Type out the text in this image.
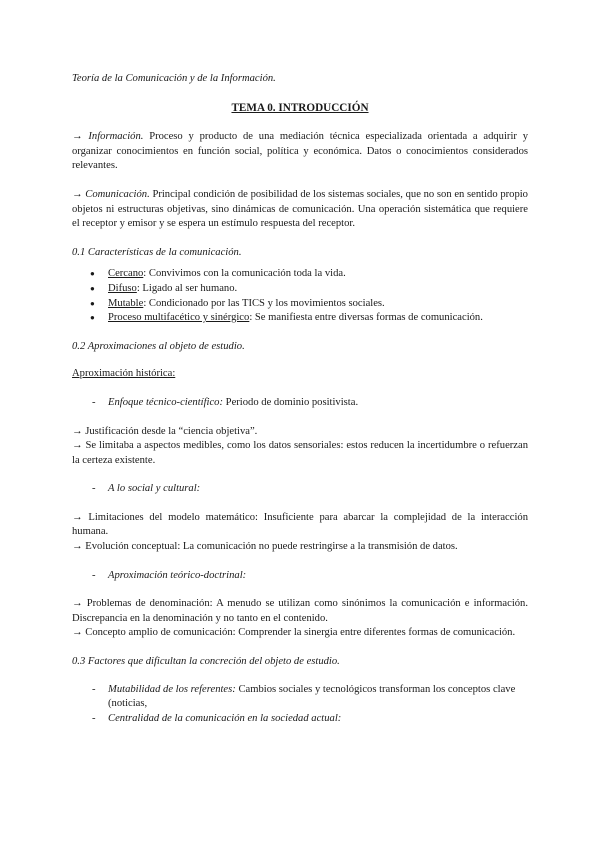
Teoría de la Comunicación y de la Información.

TEMA 0. INTRODUCCIÓN

→ Información. Proceso y producto de una mediación técnica especializada orientada a adquirir y organizar conocimientos en función social, política y económica. Datos o conocimientos considerados relevantes.

→ Comunicación. Principal condición de posibilidad de los sistemas sociales, que no son en sentido propio objetos ni estructuras objetivas, sino dinámicas de comunicación. Una operación sistemática que requiere el receptor y emisor y se espera un estímulo respuesta del receptor.

0.1 Características de la comunicación.

● Cercano: Convivimos con la comunicación toda la vida.
● Difuso: Ligado al ser humano.
● Mutable: Condicionado por las TICS y los movimientos sociales.
● Proceso multifacético y sinérgico: Se manifiesta entre diversas formas de comunicación.

0.2 Aproximaciones al objeto de estudio.

Aproximación histórica:

- Enfoque técnico-científico: Periodo de dominio positivista.

→ Justificación desde la “ciencia objetiva”.

→ Se limitaba a aspectos medibles, como los datos sensoriales: estos reducen la incertidumbre o refuerzan la certeza existente.

- A lo social y cultural:

→ Limitaciones del modelo matemático: Insuficiente para abarcar la complejidad de la interacción humana.

→ Evolución conceptual: La comunicación no puede restringirse a la transmisión de datos.

- Aproximación teórico-doctrinal:

→ Problemas de denominación: A menudo se utilizan como sinónimos la comunicación e información. Discrepancia en la denominación y no tanto en el contenido.

→ Concepto amplio de comunicación: Comprender la sinergia entre diferentes formas de comunicación.

0.3 Factores que dificultan la concreción del objeto de estudio.

- Mutabilidad de los referentes: Cambios sociales y tecnológicos transforman los conceptos clave (noticias,
- Centralidad de la comunicación en la sociedad actual:
